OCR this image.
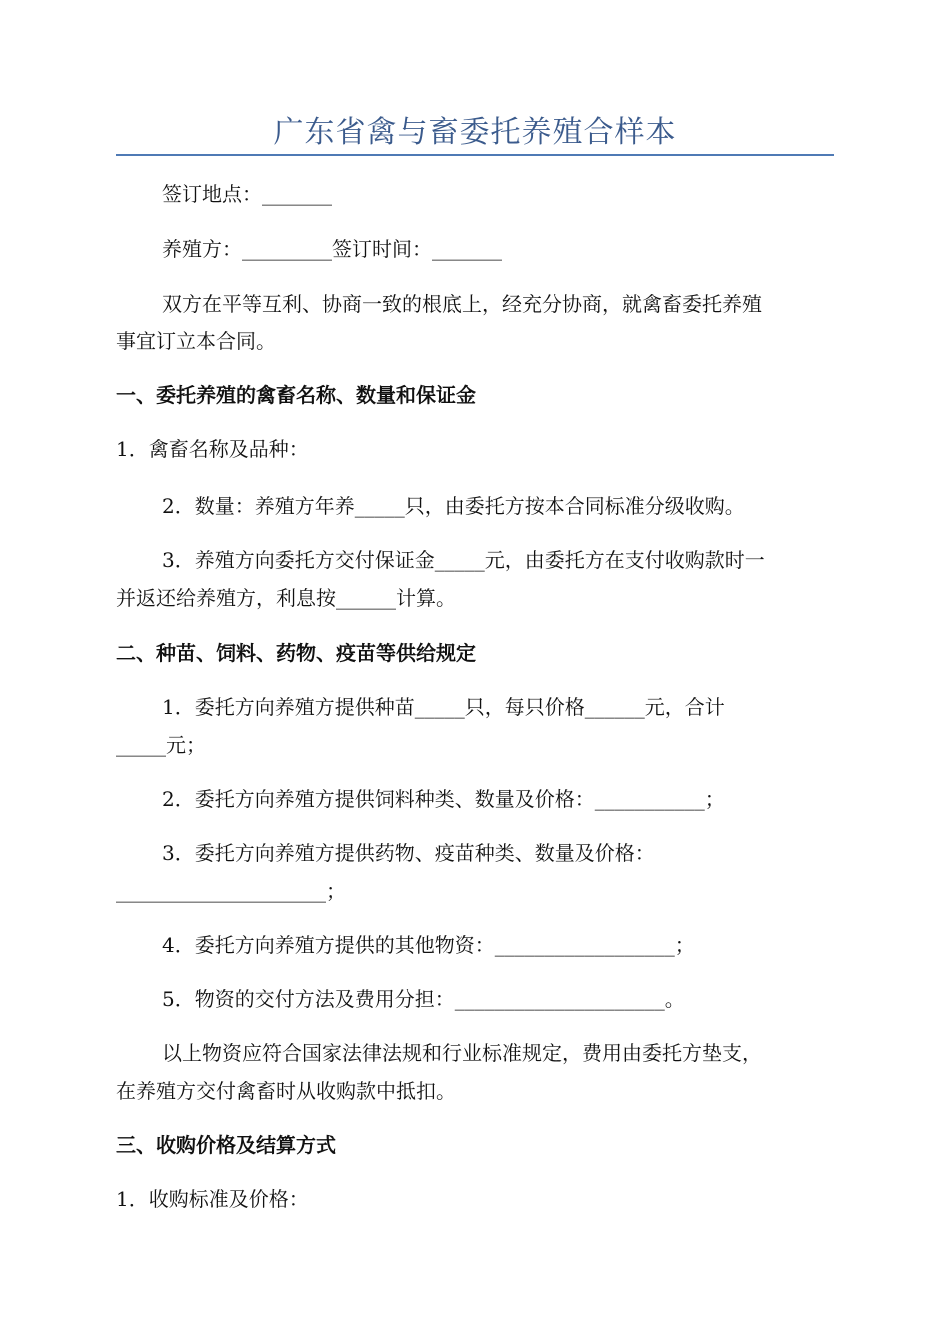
广东省禽与畜委托养殖合样本

签订地点：_______

养殖方：_________签订时间：_______

双方在平等互利、协商一致的根底上，经充分协商，就禽畜委托养殖

事宜订立本合同。

一、委托养殖的禽畜名称、数量和保证金

1．禽畜名称及品种：

2．数量：养殖方年养_____只，由委托方按本合同标准分级收购。

3．养殖方向委托方交付保证金_____元，由委托方在支付收购款时一

并返还给养殖方，利息按______计算。

二、种苗、饲料、药物、疫苗等供给规定

1．委托方向养殖方提供种苗_____只，每只价格______元，合计

_____元；

2．委托方向养殖方提供饲料种类、数量及价格：___________；

3．委托方向养殖方提供药物、疫苗种类、数量及价格：

_____________________；

4．委托方向养殖方提供的其他物资：__________________；

5．物资的交付方法及费用分担：_____________________。

以上物资应符合国家法律法规和行业标准规定，费用由委托方垫支，

在养殖方交付禽畜时从收购款中抵扣。

三、收购价格及结算方式

1．收购标准及价格：
